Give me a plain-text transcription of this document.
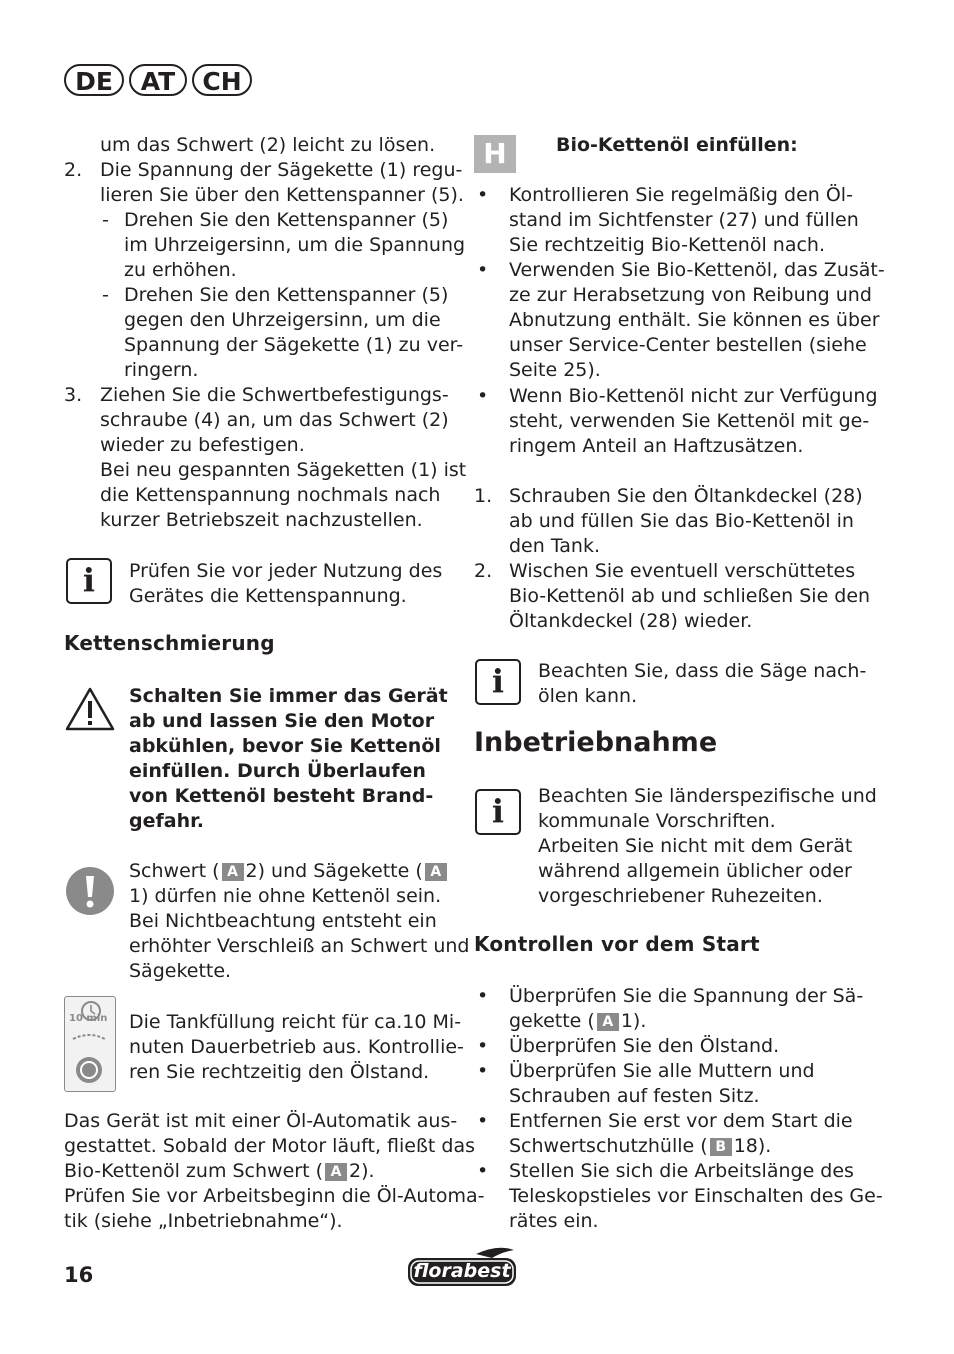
DE	AT	CH
um das Schwert (2) leicht zu lösen.
2. Die Spannung der Sägekette (1) regu-
lieren Sie über den Kettenspanner (5).
- Drehen Sie den Kettenspanner (5)
im Uhrzeigersinn, um die Spannung
zu erhöhen.
- Drehen Sie den Kettenspanner (5)
gegen den Uhrzeigersinn, um die
Spannung der Sägekette (1) zu ver-
ringern.
3. Ziehen Sie die Schwertbefestigungs-
schraube (4) an, um das Schwert (2)
wieder zu befestigen.
Bei neu gespannten Sägeketten (1) ist
die Kettenspannung nochmals nach
kurzer Betriebszeit nachzustellen.
i	Prüfen Sie vor jeder Nutzung des
Gerätes die Kettenspannung.
Kettenschmierung
Schalten Sie immer das Gerät
ab und lassen Sie den Motor
abkühlen, bevor Sie Kettenöl
einfüllen. Durch Überlaufen
von Kettenöl besteht Brand-
gefahr.
Schwert ( A 2) und Sägekette ( A
1) dürfen nie ohne Kettenöl sein.
Bei Nichtbeachtung entsteht ein
erhöhter Verschleiß an Schwert und
Sägekette.
10 min Die Tankfüllung reicht für ca.10 Mi-
nuten Dauerbetrieb aus. Kontrollie-
ren Sie rechtzeitig den Ölstand.
Das Gerät ist mit einer Öl-Automatik aus-
gestattet. Sobald der Motor läuft, fließt das
Bio-Kettenöl zum Schwert ( A 2).
Prüfen Sie vor Arbeitsbeginn die Öl-Automa-
tik (siehe „Inbetriebnahme“).
H	Bio-Kettenöl einfüllen:
• Kontrollieren Sie regelmäßig den Öl-
stand im Sichtfenster (27) und füllen
Sie rechtzeitig Bio-Kettenöl nach.
• Verwenden Sie Bio-Kettenöl, das Zusät-
ze zur Herabsetzung von Reibung und
Abnutzung enthält. Sie können es über
unser Service-Center bestellen (siehe
Seite 25).
• Wenn Bio-Kettenöl nicht zur Verfügung
steht, verwenden Sie Kettenöl mit ge-
ringem Anteil an Haftzusätzen.
1. Schrauben Sie den Öltankdeckel (28)
ab und füllen Sie das Bio-Kettenöl in
den Tank.
2. Wischen Sie eventuell verschüttetes
Bio-Kettenöl ab und schließen Sie den
Öltankdeckel (28) wieder.
i	Beachten Sie, dass die Säge nach-
ölen kann.
Inbetriebnahme
i	Beachten Sie länderspezifische und
kommunale Vorschriften.
Arbeiten Sie nicht mit dem Gerät
während allgemein üblicher oder
vorgeschriebener Ruhezeiten.
Kontrollen vor dem Start
• Überprüfen Sie die Spannung der Sä-
gekette ( A 1).
• Überprüfen Sie den Ölstand.
• Überprüfen Sie alle Muttern und
Schrauben auf festen Sitz.
• Entfernen Sie erst vor dem Start die
Schwertschutzhülle ( B 18).
• Stellen Sie sich die Arbeitslänge des
Teleskopstieles vor Einschalten des Ge-
rätes ein.
16	florabest
